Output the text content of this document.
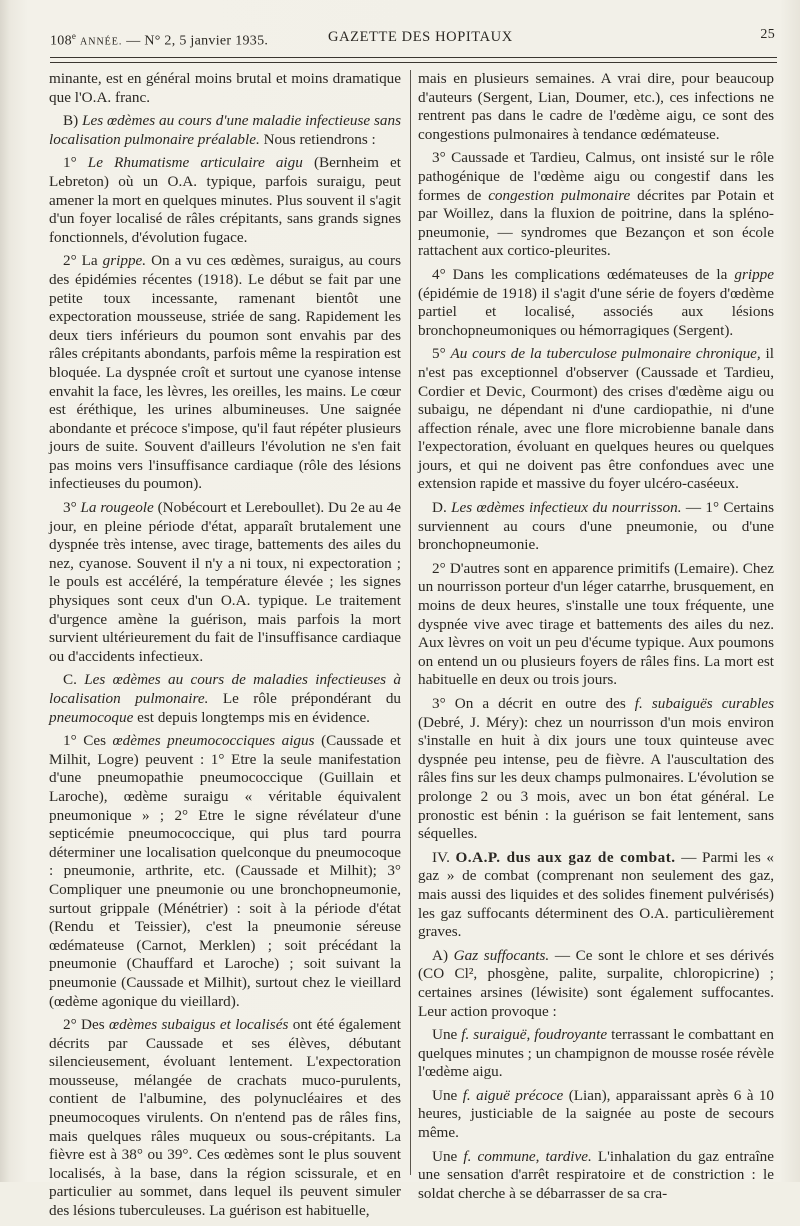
108e ANNÉE. — N° 2, 5 janvier 1935.	GAZETTE DES HOPITAUX	25

minante, est en général moins brutal et moins dramatique que l'O.A. franc.

B) Les œdèmes au cours d'une maladie infectieuse sans localisation pulmonaire préalable. Nous retiendrons :

1° Le Rhumatisme articulaire aigu (Bernheim et Lebreton) où un O.A. typique, parfois suraigu, peut amener la mort en quelques minutes. Plus souvent il s'agit d'un foyer localisé de râles crépitants, sans grands signes fonctionnels, d'évolution fugace.

2° La grippe. On a vu ces œdèmes, suraigus, au cours des épidémies récentes (1918). Le début se fait par une petite toux incessante, ramenant bientôt une expectoration mousseuse, striée de sang. Rapidement les deux tiers inférieurs du poumon sont envahis par des râles crépitants abondants, parfois même la respiration est bloquée. La dyspnée croît et surtout une cyanose intense envahit la face, les lèvres, les oreilles, les mains. Le cœur est éréthique, les urines albumineuses. Une saignée abondante et précoce s'impose, qu'il faut répéter plusieurs jours de suite. Souvent d'ailleurs l'évolution ne s'en fait pas moins vers l'insuffisance cardiaque (rôle des lésions infectieuses du poumon).

3° La rougeole (Nobécourt et Lereboullet). Du 2e au 4e jour, en pleine période d'état, apparaît brutalement une dyspnée très intense, avec tirage, battements des ailes du nez, cyanose. Souvent il n'y a ni toux, ni expectoration ; le pouls est accéléré, la température élevée ; les signes physiques sont ceux d'un O.A. typique. Le traitement d'urgence amène la guérison, mais parfois la mort survient ultérieurement du fait de l'insuffisance cardiaque ou d'accidents infectieux.

C. Les œdèmes au cours de maladies infectieuses à localisation pulmonaire. Le rôle prépondérant du pneumocoque est depuis longtemps mis en évidence.

1° Ces œdèmes pneumococciques aigus (Caussade et Milhit, Logre) peuvent : 1° Etre la seule manifestation d'une pneumopathie pneumococcique (Guillain et Laroche), œdème suraigu « véritable équivalent pneumonique » ; 2° Etre le signe révélateur d'une septicémie pneumococcique, qui plus tard pourra déterminer une localisation quelconque du pneumocoque : pneumonie, arthrite, etc. (Caussade et Milhit); 3° Compliquer une pneumonie ou une bronchopneumonie, surtout grippale (Ménétrier) : soit à la période d'état (Rendu et Teissier), c'est la pneumonie séreuse œdémateuse (Carnot, Merklen) ; soit précédant la pneumonie (Chauffard et Laroche) ; soit suivant la pneumonie (Caussade et Milhit), surtout chez le vieillard (œdème agonique du vieillard).

2° Des œdèmes subaigus et localisés ont été également décrits par Caussade et ses élèves, débutant silencieusement, évoluant lentement. L'expectoration mousseuse, mélangée de crachats muco-purulents, contient de l'albumine, des polynucléaires et des pneumocoques virulents. On n'entend pas de râles fins, mais quelques râles muqueux ou sous-crépitants. La fièvre est à 38° ou 39°. Ces œdèmes sont le plus souvent localisés, à la base, dans la région scissurale, et en particulier au sommet, dans lequel ils peuvent simuler des lésions tuberculeuses. La guérison est habituelle,

mais en plusieurs semaines. A vrai dire, pour beaucoup d'auteurs (Sergent, Lian, Doumer, etc.), ces infections ne rentrent pas dans le cadre de l'œdème aigu, ce sont des congestions pulmonaires à tendance œdémateuse.

3° Caussade et Tardieu, Calmus, ont insisté sur le rôle pathogénique de l'œdème aigu ou congestif dans les formes de congestion pulmonaire décrites par Potain et par Woillez, dans la fluxion de poitrine, dans la spléno-pneumonie, — syndromes que Bezançon et son école rattachent aux cortico-pleurites.

4° Dans les complications œdémateuses de la grippe (épidémie de 1918) il s'agit d'une série de foyers d'œdème partiel et localisé, associés aux lésions bronchopneumoniques ou hémorragiques (Sergent).

5° Au cours de la tuberculose pulmonaire chronique, il n'est pas exceptionnel d'observer (Caussade et Tardieu, Cordier et Devic, Courmont) des crises d'œdème aigu ou subaigu, ne dépendant ni d'une cardiopathie, ni d'une affection rénale, avec une flore microbienne banale dans l'expectoration, évoluant en quelques heures ou quelques jours, et qui ne doivent pas être confondues avec une extension rapide et massive du foyer ulcéro-caséeux.

D. Les œdèmes infectieux du nourrisson. — 1° Certains surviennent au cours d'une pneumonie, ou d'une bronchopneumonie.

2° D'autres sont en apparence primitifs (Lemaire). Chez un nourrisson porteur d'un léger catarrhe, brusquement, en moins de deux heures, s'installe une toux fréquente, une dyspnée vive avec tirage et battements des ailes du nez. Aux lèvres on voit un peu d'écume typique. Aux poumons on entend un ou plusieurs foyers de râles fins. La mort est habituelle en deux ou trois jours.

3° On a décrit en outre des f. subaiguës curables (Debré, J. Méry): chez un nourrisson d'un mois environ s'installe en huit à dix jours une toux quinteuse avec dyspnée peu intense, peu de fièvre. A l'auscultation des râles fins sur les deux champs pulmonaires. L'évolution se prolonge 2 ou 3 mois, avec un bon état général. Le pronostic est bénin : la guérison se fait lentement, sans séquelles.

IV. O.A.P. dus aux gaz de combat. — Parmi les « gaz » de combat (comprenant non seulement des gaz, mais aussi des liquides et des solides finement pulvérisés) les gaz suffocants déterminent des O.A. particulièrement graves.

A) Gaz suffocants. — Ce sont le chlore et ses dérivés (CO Cl², phosgène, palite, surpalite, chloropicrine) ; certaines arsines (léwisite) sont également suffocantes. Leur action provoque :

Une f. suraiguë, foudroyante terrassant le combattant en quelques minutes ; un champignon de mousse rosée révèle l'œdème aigu.

Une f. aiguë précoce (Lian), apparaissant après 6 à 10 heures, justiciable de la saignée au poste de secours même.

Une f. commune, tardive. L'inhalation du gaz entraîne une sensation d'arrêt respiratoire et de constriction : le soldat cherche à se débarrasser de sa cra-
